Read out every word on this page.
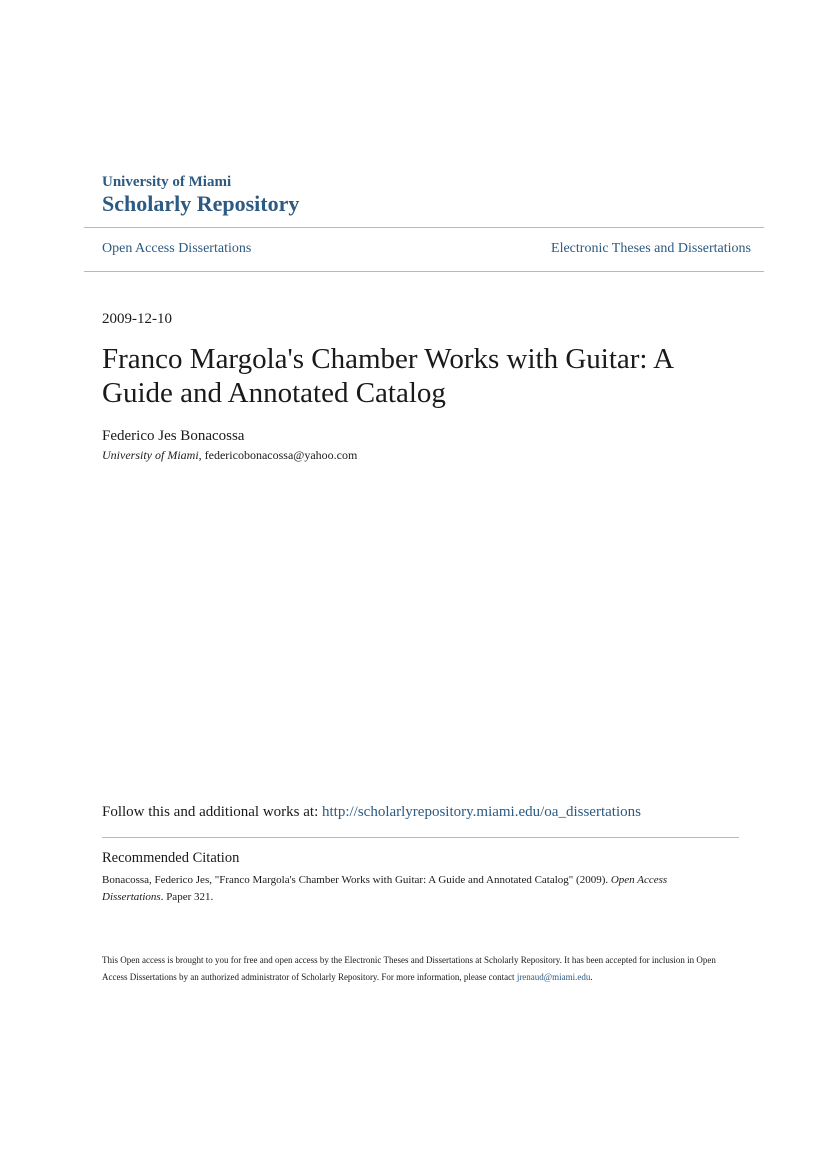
University of Miami
Scholarly Repository
Open Access Dissertations	Electronic Theses and Dissertations
2009-12-10
Franco Margola's Chamber Works with Guitar: A Guide and Annotated Catalog
Federico Jes Bonacossa
University of Miami, federicobonacossa@yahoo.com
Follow this and additional works at: http://scholarlyrepository.miami.edu/oa_dissertations
Recommended Citation
Bonacossa, Federico Jes, "Franco Margola's Chamber Works with Guitar: A Guide and Annotated Catalog" (2009). Open Access Dissertations. Paper 321.
This Open access is brought to you for free and open access by the Electronic Theses and Dissertations at Scholarly Repository. It has been accepted for inclusion in Open Access Dissertations by an authorized administrator of Scholarly Repository. For more information, please contact jrenaud@miami.edu.
